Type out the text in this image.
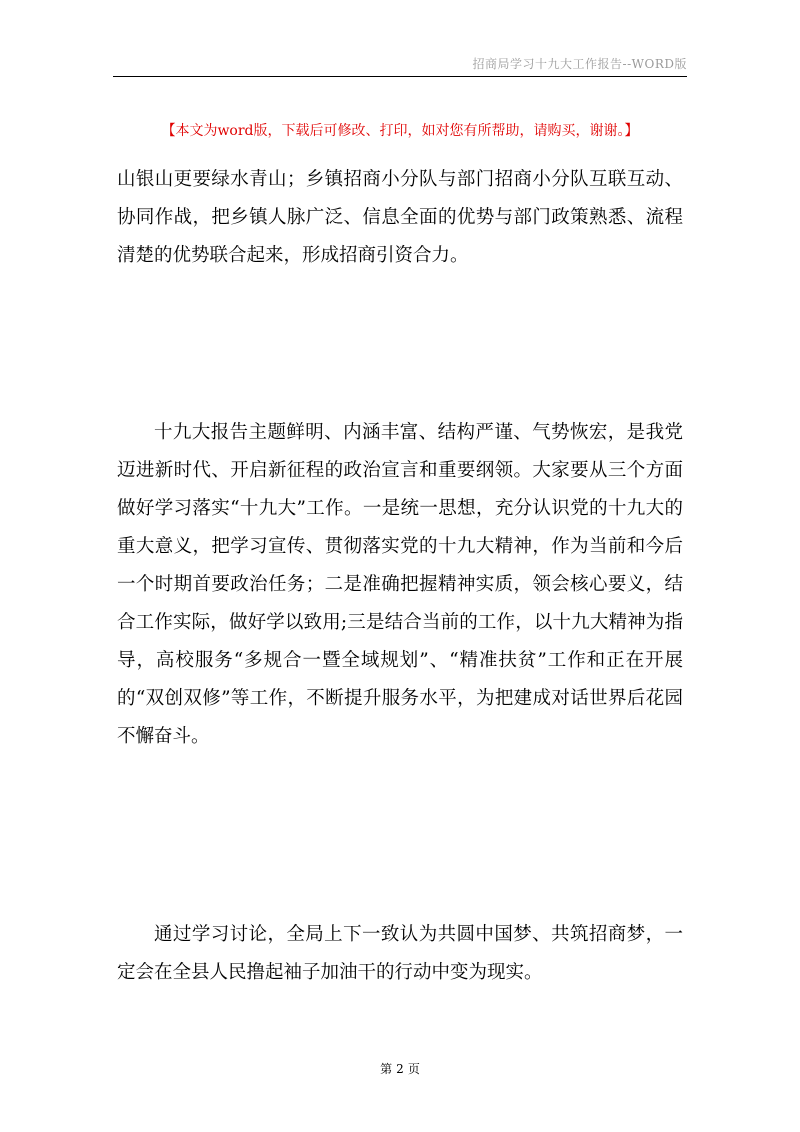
招商局学习十九大工作报告--WORD版
【本文为word版，下载后可修改、打印，如对您有所帮助，请购买，谢谢。】

山银山更要绿水青山；乡镇招商小分队与部门招商小分队互联互动、协同作战，把乡镇人脉广泛、信息全面的优势与部门政策熟悉、流程清楚的优势联合起来，形成招商引资合力。

十九大报告主题鲜明、内涵丰富、结构严谨、气势恢宏，是我党迈进新时代、开启新征程的政治宣言和重要纲领。大家要从三个方面做好学习落实“十九大”工作。一是统一思想，充分认识党的十九大的重大意义，把学习宣传、贯彻落实党的十九大精神，作为当前和今后一个时期首要政治任务；二是准确把握精神实质，领会核心要义，结合工作实际，做好学以致用;三是结合当前的工作，以十九大精神为指导，高校服务“多规合一暨全域规划”、“精准扶贫”工作和正在开展的“双创双修”等工作，不断提升服务水平，为把建成对话世界后花园不懈奋斗。

通过学习讨论，全局上下一致认为共圆中国梦、共筑招商梦，一定会在全县人民撸起袖子加油干的行动中变为现实。

第 2 页
